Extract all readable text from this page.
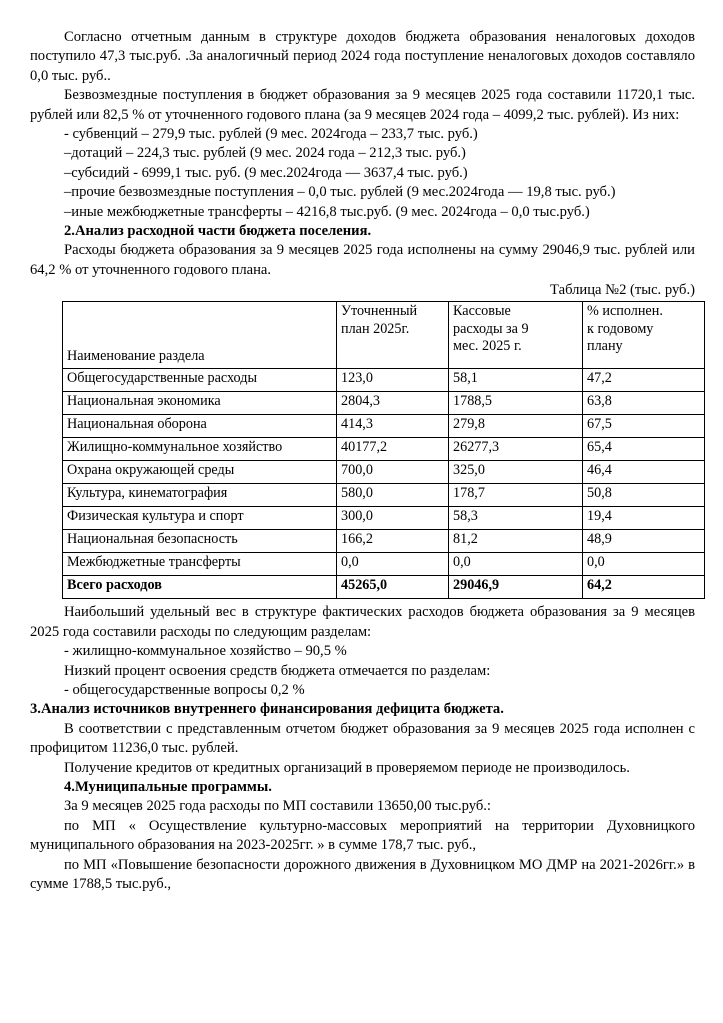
Согласно отчетным данным в структуре доходов бюджета образования неналоговых доходов поступило 47,3 тыс.руб. .За аналогичный период 2024 года поступление неналоговых доходов составляло 0,0 тыс. руб..

Безвозмездные поступления в бюджет образования за 9 месяцев 2025 года составили 11720,1 тыс. рублей или 82,5 % от уточненного годового плана (за 9 месяцев 2024 года – 4099,2 тыс. рублей). Из них:

- субвенций – 279,9 тыс. рублей (9 мес. 2024года – 233,7 тыс. руб.)

–дотаций – 224,3 тыс. рублей (9 мес. 2024 года – 212,3 тыс. руб.)

–субсидий - 6999,1 тыс. руб. (9 мес.2024года — 3637,4 тыс. руб.)

–прочие безвозмездные поступления – 0,0 тыс. рублей (9 мес.2024года — 19,8 тыс. руб.)

–иные межбюджетные трансферты – 4216,8 тыс.руб. (9 мес. 2024года – 0,0 тыс.руб.)

2.Анализ расходной части бюджета поселения.

Расходы бюджета образования за 9 месяцев 2025 года исполнены на сумму 29046,9 тыс. рублей или 64,2 % от уточненного годового плана.

Таблица №2 (тыс. руб.)
Наименование раздела	Уточненный
план 2025г.	Кассовые
расходы за 9
мес. 2025 г.	% исполнен.
к годовому
плану
Общегосударственные расходы	123,0	58,1	47,2
Национальная экономика	2804,3	1788,5	63,8
Национальная оборона	414,3	279,8	67,5
Жилищно-коммунальное хозяйство	40177,2	26277,3	65,4
Охрана окружающей среды	700,0	325,0	46,4
Культура, кинематография	580,0	178,7	50,8
Физическая культура и спорт	300,0	58,3	19,4
Национальная безопасность	166,2	81,2	48,9
Межбюджетные трансферты	0,0	0,0	0,0
Всего расходов	45265,0	29046,9	64,2

Наибольший удельный вес в структуре фактических расходов бюджета образования за 9 месяцев 2025 года составили расходы по следующим разделам:

- жилищно-коммунальное хозяйство – 90,5 %

Низкий процент освоения средств бюджета отмечается по разделам:

- общегосударственные вопросы 0,2 %

3.Анализ источников внутреннего финансирования дефицита бюджета.

В соответствии с представленным отчетом бюджет образования за 9 месяцев 2025 года исполнен с профицитом 11236,0 тыс. рублей.

Получение кредитов от кредитных организаций в проверяемом периоде не производилось.

4.Муниципальные программы.

За 9 месяцев 2025 года расходы по МП составили 13650,00 тыс.руб.:

по МП « Осуществление культурно-массовых мероприятий на территории Духовницкого муниципального образования на 2023-2025гг. » в сумме 178,7 тыс. руб.,

по МП «Повышение безопасности дорожного движения в Духовницком МО ДМР на 2021-2026гг.» в сумме 1788,5 тыс.руб.,
